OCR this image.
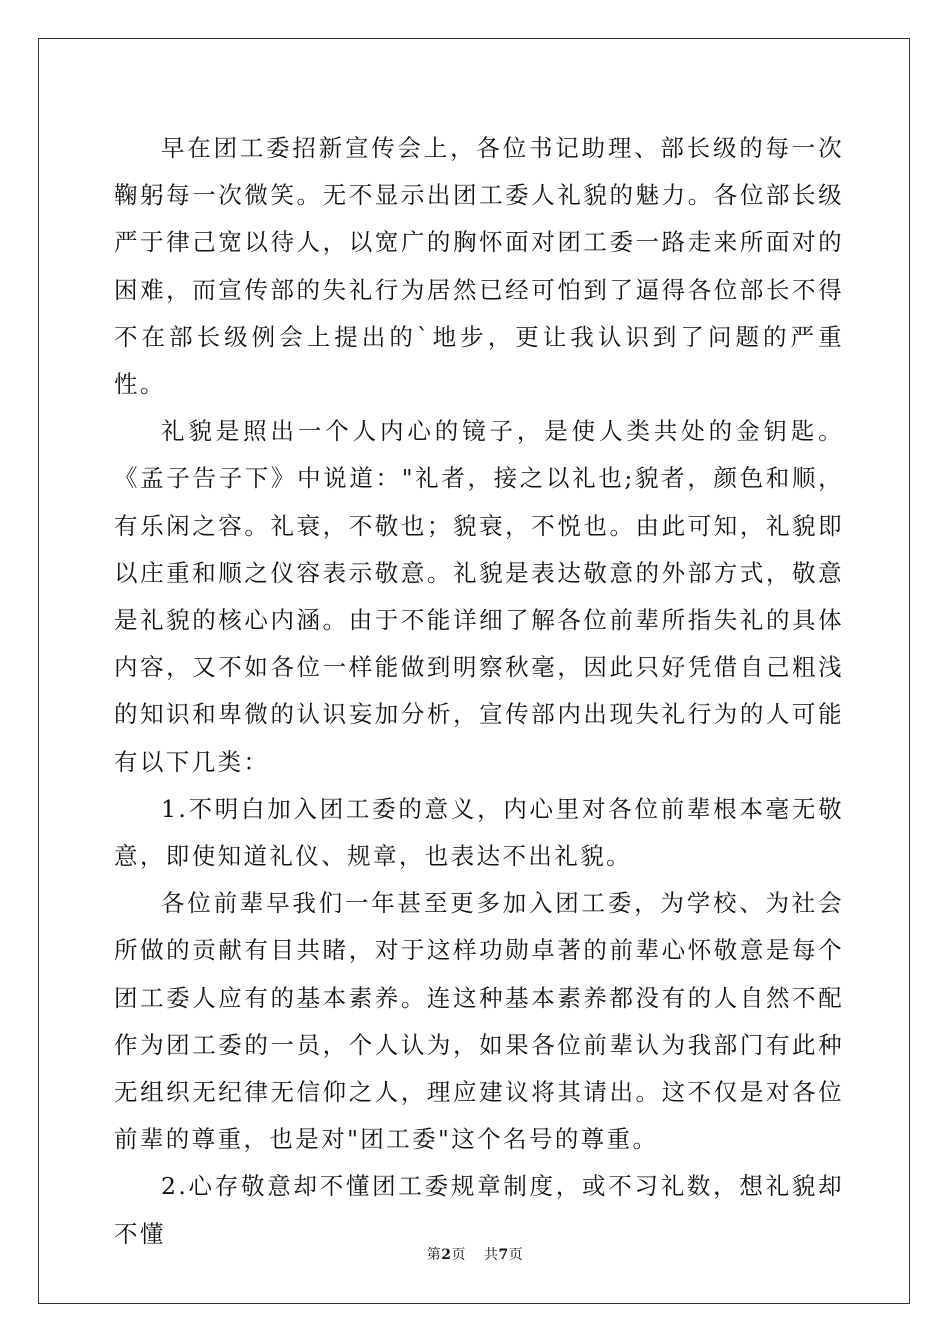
早在团工委招新宣传会上，各位书记助理、部长级的每一次鞠躬每一次微笑。无不显示出团工委人礼貌的魅力。各位部长级严于律己宽以待人，以宽广的胸怀面对团工委一路走来所面对的困难，而宣传部的失礼行为居然已经可怕到了逼得各位部长不得不在部长级例会上提出的`地步，更让我认识到了问题的严重性。

礼貌是照出一个人内心的镜子，是使人类共处的金钥匙。《孟子告子下》中说道："礼者，接之以礼也;貌者，颜色和顺，有乐闲之容。礼衰，不敬也；貌衰，不悦也。由此可知，礼貌即以庄重和顺之仪容表示敬意。礼貌是表达敬意的外部方式，敬意是礼貌的核心内涵。由于不能详细了解各位前辈所指失礼的具体内容，又不如各位一样能做到明察秋毫，因此只好凭借自己粗浅的知识和卑微的认识妄加分析，宣传部内出现失礼行为的人可能有以下几类：

1.不明白加入团工委的意义，内心里对各位前辈根本毫无敬意，即使知道礼仪、规章，也表达不出礼貌。

各位前辈早我们一年甚至更多加入团工委，为学校、为社会所做的贡献有目共睹，对于这样功勋卓著的前辈心怀敬意是每个团工委人应有的基本素养。连这种基本素养都没有的人自然不配作为团工委的一员，个人认为，如果各位前辈认为我部门有此种无组织无纪律无信仰之人，理应建议将其请出。这不仅是对各位前辈的尊重，也是对"团工委"这个名号的尊重。

2.心存敬意却不懂团工委规章制度，或不习礼数，想礼貌却不懂

第2页 共7页
